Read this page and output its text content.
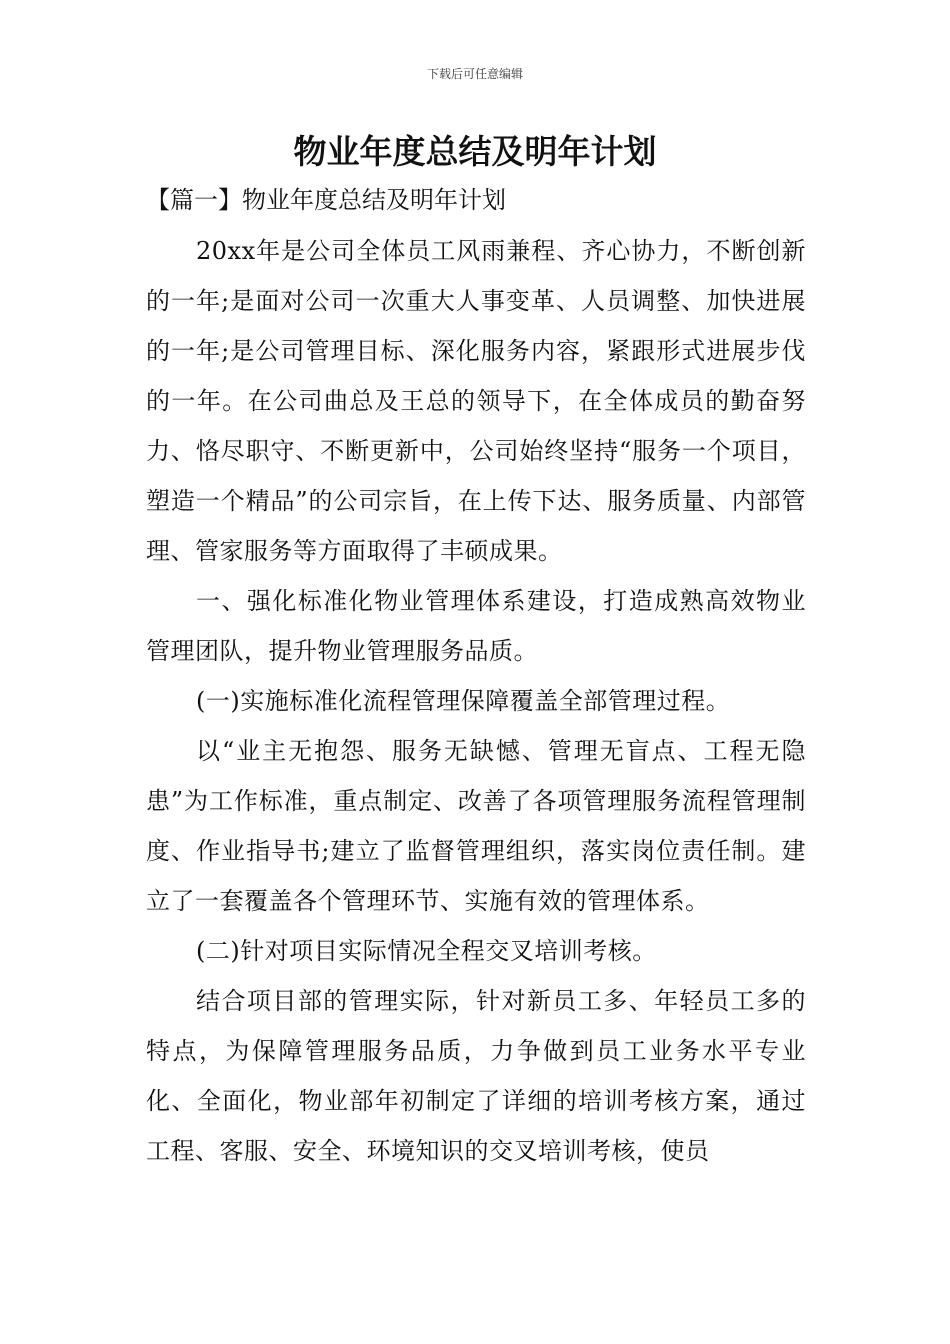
下载后可任意编辑
物业年度总结及明年计划
【篇一】物业年度总结及明年计划

20xx年是公司全体员工风雨兼程、齐心协力，不断创新的一年;是面对公司一次重大人事变革、人员调整、加快进展的一年;是公司管理目标、深化服务内容，紧跟形式进展步伐的一年。在公司曲总及王总的领导下，在全体成员的勤奋努力、恪尽职守、不断更新中，公司始终坚持“服务一个项目，塑造一个精品”的公司宗旨，在上传下达、服务质量、内部管理、管家服务等方面取得了丰硕成果。

一、强化标准化物业管理体系建设，打造成熟高效物业管理团队，提升物业管理服务品质。

(一)实施标准化流程管理保障覆盖全部管理过程。

以“业主无抱怨、服务无缺憾、管理无盲点、工程无隐患”为工作标准，重点制定、改善了各项管理服务流程管理制度、作业指导书;建立了监督管理组织，落实岗位责任制。建立了一套覆盖各个管理环节、实施有效的管理体系。

(二)针对项目实际情况全程交叉培训考核。

结合项目部的管理实际，针对新员工多、年轻员工多的特点，为保障管理服务品质，力争做到员工业务水平专业化、全面化，物业部年初制定了详细的培训考核方案，通过工程、客服、安全、环境知识的交叉培训考核，使员
